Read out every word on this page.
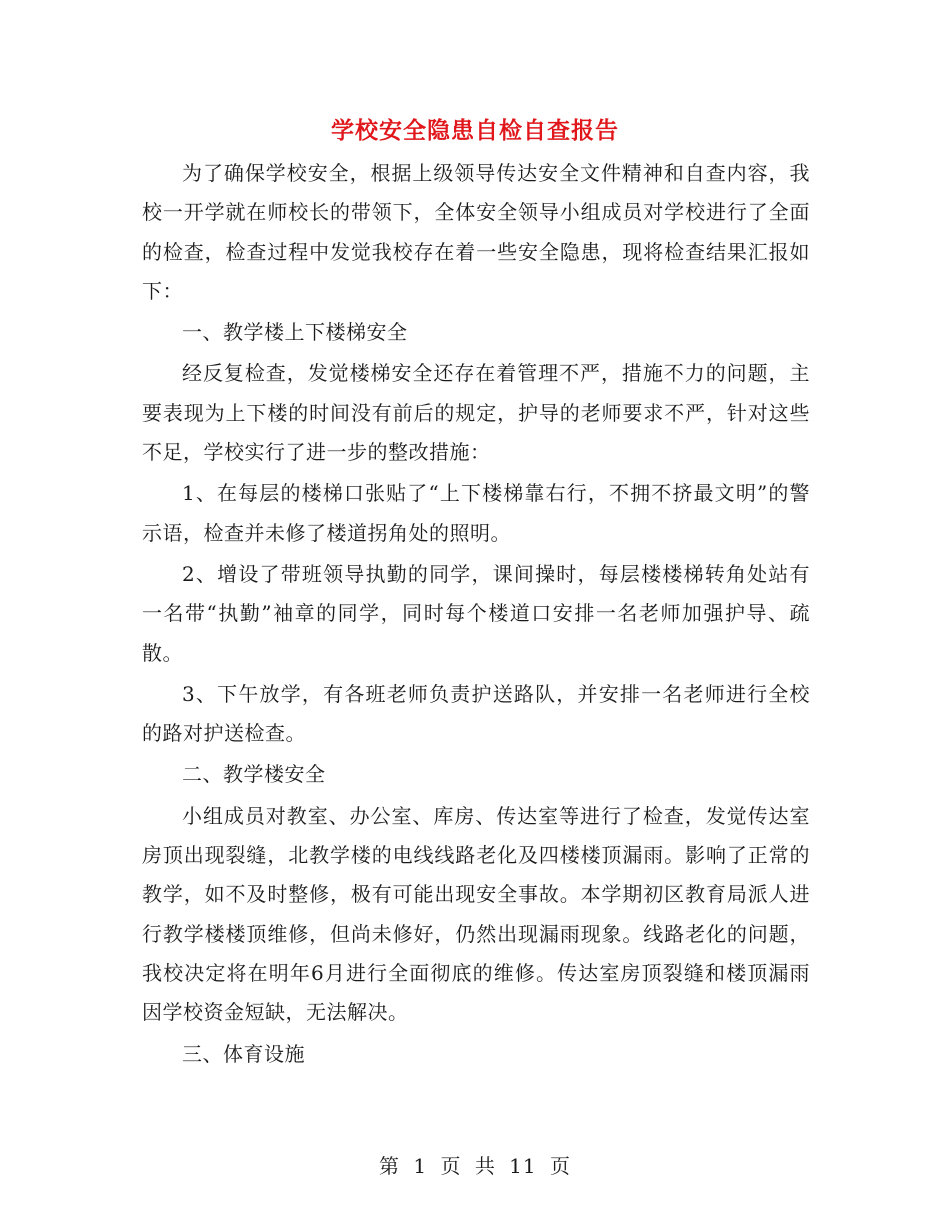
学校安全隐患自检自查报告

为了确保学校安全，根据上级领导传达安全文件精神和自查内容，我校一开学就在师校长的带领下，全体安全领导小组成员对学校进行了全面的检查，检查过程中发觉我校存在着一些安全隐患，现将检查结果汇报如下：

一、教学楼上下楼梯安全

经反复检查，发觉楼梯安全还存在着管理不严，措施不力的问题，主要表现为上下楼的时间没有前后的规定，护导的老师要求不严，针对这些不足，学校实行了进一步的整改措施：

1、在每层的楼梯口张贴了“上下楼梯靠右行，不拥不挤最文明”的警示语，检查并未修了楼道拐角处的照明。

2、增设了带班领导执勤的同学，课间操时，每层楼楼梯转角处站有一名带“执勤”袖章的同学，同时每个楼道口安排一名老师加强护导、疏散。

3、下午放学，有各班老师负责护送路队，并安排一名老师进行全校的路对护送检查。

二、教学楼安全

小组成员对教室、办公室、库房、传达室等进行了检查，发觉传达室房顶出现裂缝，北教学楼的电线线路老化及四楼楼顶漏雨。影响了正常的教学，如不及时整修，极有可能出现安全事故。本学期初区教育局派人进行教学楼楼顶维修，但尚未修好，仍然出现漏雨现象。线路老化的问题，我校决定将在明年6月进行全面彻底的维修。传达室房顶裂缝和楼顶漏雨因学校资金短缺，无法解决。

三、体育设施

第 1 页 共 11 页
